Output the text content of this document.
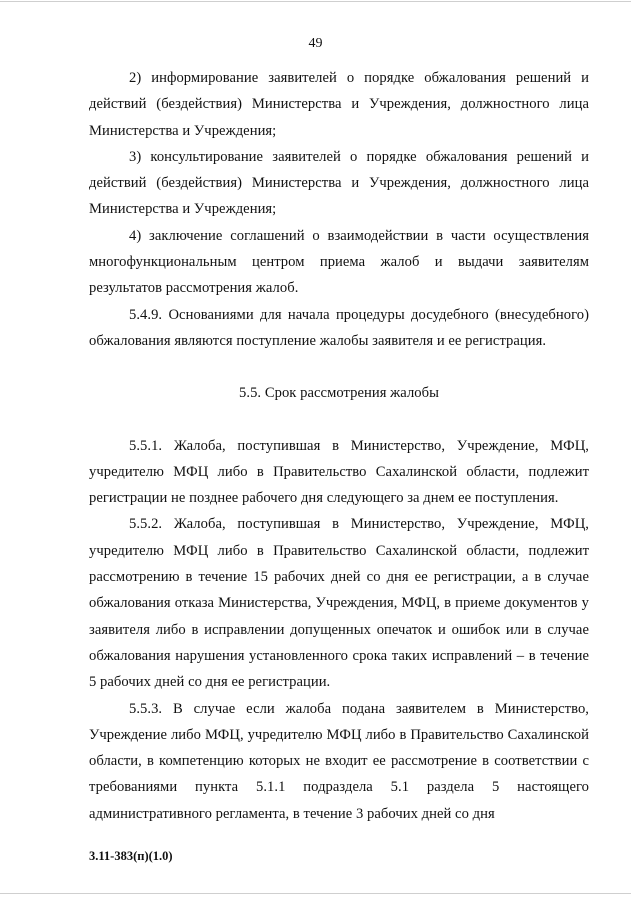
49

2) информирование заявителей о порядке обжалования решений и действий (бездействия) Министерства и Учреждения, должностного лица Министерства и Учреждения;

3) консультирование заявителей о порядке обжалования решений и действий (бездействия) Министерства и Учреждения, должностного лица Министерства и Учреждения;

4) заключение соглашений о взаимодействии в части осуществления многофункциональным центром приема жалоб и выдачи заявителям результатов рассмотрения жалоб.

5.4.9. Основаниями для начала процедуры досудебного (внесудебного) обжалования являются поступление жалобы заявителя и ее регистрация.

5.5. Срок рассмотрения жалобы

5.5.1. Жалоба, поступившая в Министерство, Учреждение, МФЦ, учредителю МФЦ либо в Правительство Сахалинской области, подлежит регистрации не позднее рабочего дня следующего за днем ее поступления.

5.5.2. Жалоба, поступившая в Министерство, Учреждение, МФЦ, учредителю МФЦ либо в Правительство Сахалинской области, подлежит рассмотрению в течение 15 рабочих дней со дня ее регистрации, а в случае обжалования отказа Министерства, Учреждения, МФЦ, в приеме документов у заявителя либо в исправлении допущенных опечаток и ошибок или в случае обжалования нарушения установленного срока таких исправлений – в течение 5 рабочих дней со дня ее регистрации.

5.5.3. В случае если жалоба подана заявителем в Министерство, Учреждение либо МФЦ, учредителю МФЦ либо в Правительство Сахалинской области, в компетенцию которых не входит ее рассмотрение в соответствии с требованиями пункта 5.1.1 подраздела 5.1 раздела 5 настоящего административного регламента, в течение 3 рабочих дней со дня

3.11-383(п)(1.0)
